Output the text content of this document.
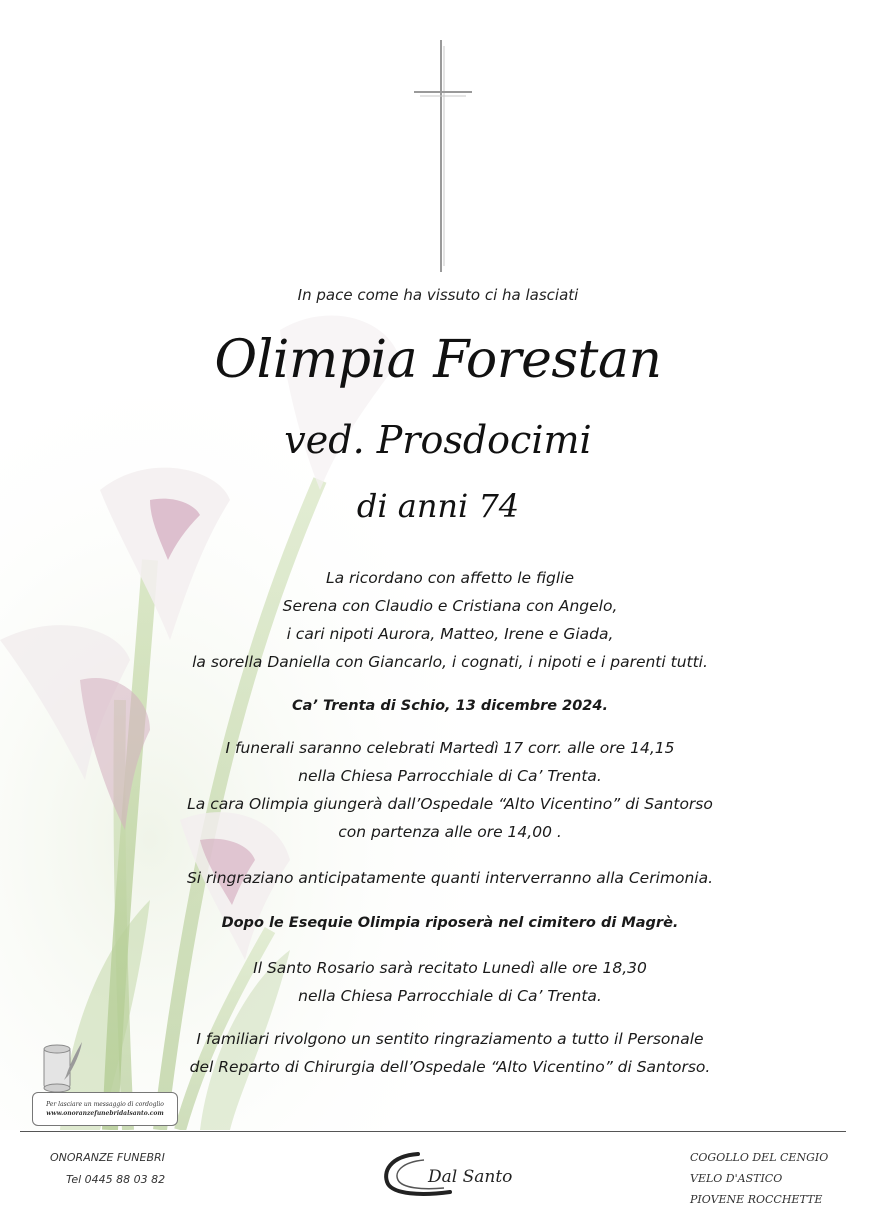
In pace come ha vissuto ci ha lasciati
Olimpia Forestan
ved. Prosdocimi
di anni 74
La ricordano con affetto le figlie
Serena con Claudio e Cristiana con Angelo,
i cari nipoti Aurora, Matteo, Irene e Giada,
la sorella Daniella con Giancarlo, i cognati, i nipoti e i parenti tutti.
Ca’ Trenta di Schio, 13 dicembre 2024.
I funerali saranno celebrati Martedì 17 corr. alle ore 14,15
nella Chiesa Parrocchiale di Ca’ Trenta.
La cara Olimpia giungerà dall’Ospedale “Alto Vicentino” di Santorso
con partenza alle ore 14,00 .
Si ringraziano anticipatamente quanti interverranno alla Cerimonia.
Dopo le Esequie Olimpia riposerà nel cimitero di Magrè.
Il Santo Rosario sarà recitato Lunedì alle ore 18,30
nella Chiesa Parrocchiale di Ca’ Trenta.
I familiari rivolgono un sentito ringraziamento a tutto il Personale
del Reparto di Chirurgia dell’Ospedale “Alto Vicentino” di Santorso.
Per lasciare un messaggio di cordoglio
www.onoranzefunebridalsanto.com
ONORANZE FUNEBRI
Tel 0445 88 03 82	Dal Santo
COGOLLO DEL CENGIO
VELO D'ASTICO
PIOVENE ROCCHETTE
